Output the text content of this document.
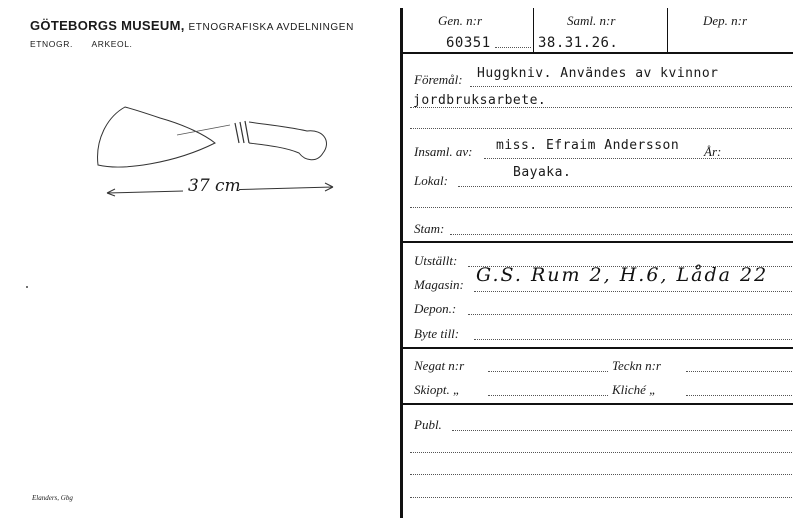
GÖTEBORGS MUSEUM, ETNOGRAFISKA AVDELNINGEN
ETNOGR. ARKEOL.
37 cm
Elanders, Gbg
Gen. n:r
60351
Saml. n:r
38.31.26.
Dep. n:r
Föremål: Huggkniv. Användes av kvinnor
jordbruksarbete.
Insaml. av: miss. Efraim Andersson År:
Lokal:
Bayaka.
Stam:
Utställt:
Magasin: G.S. Rum 2, H.6, Låda 22
Depon.:
Byte till:
Negat n:r	Teckn n:r
Skiopt. „	Kliché „
Publ.
